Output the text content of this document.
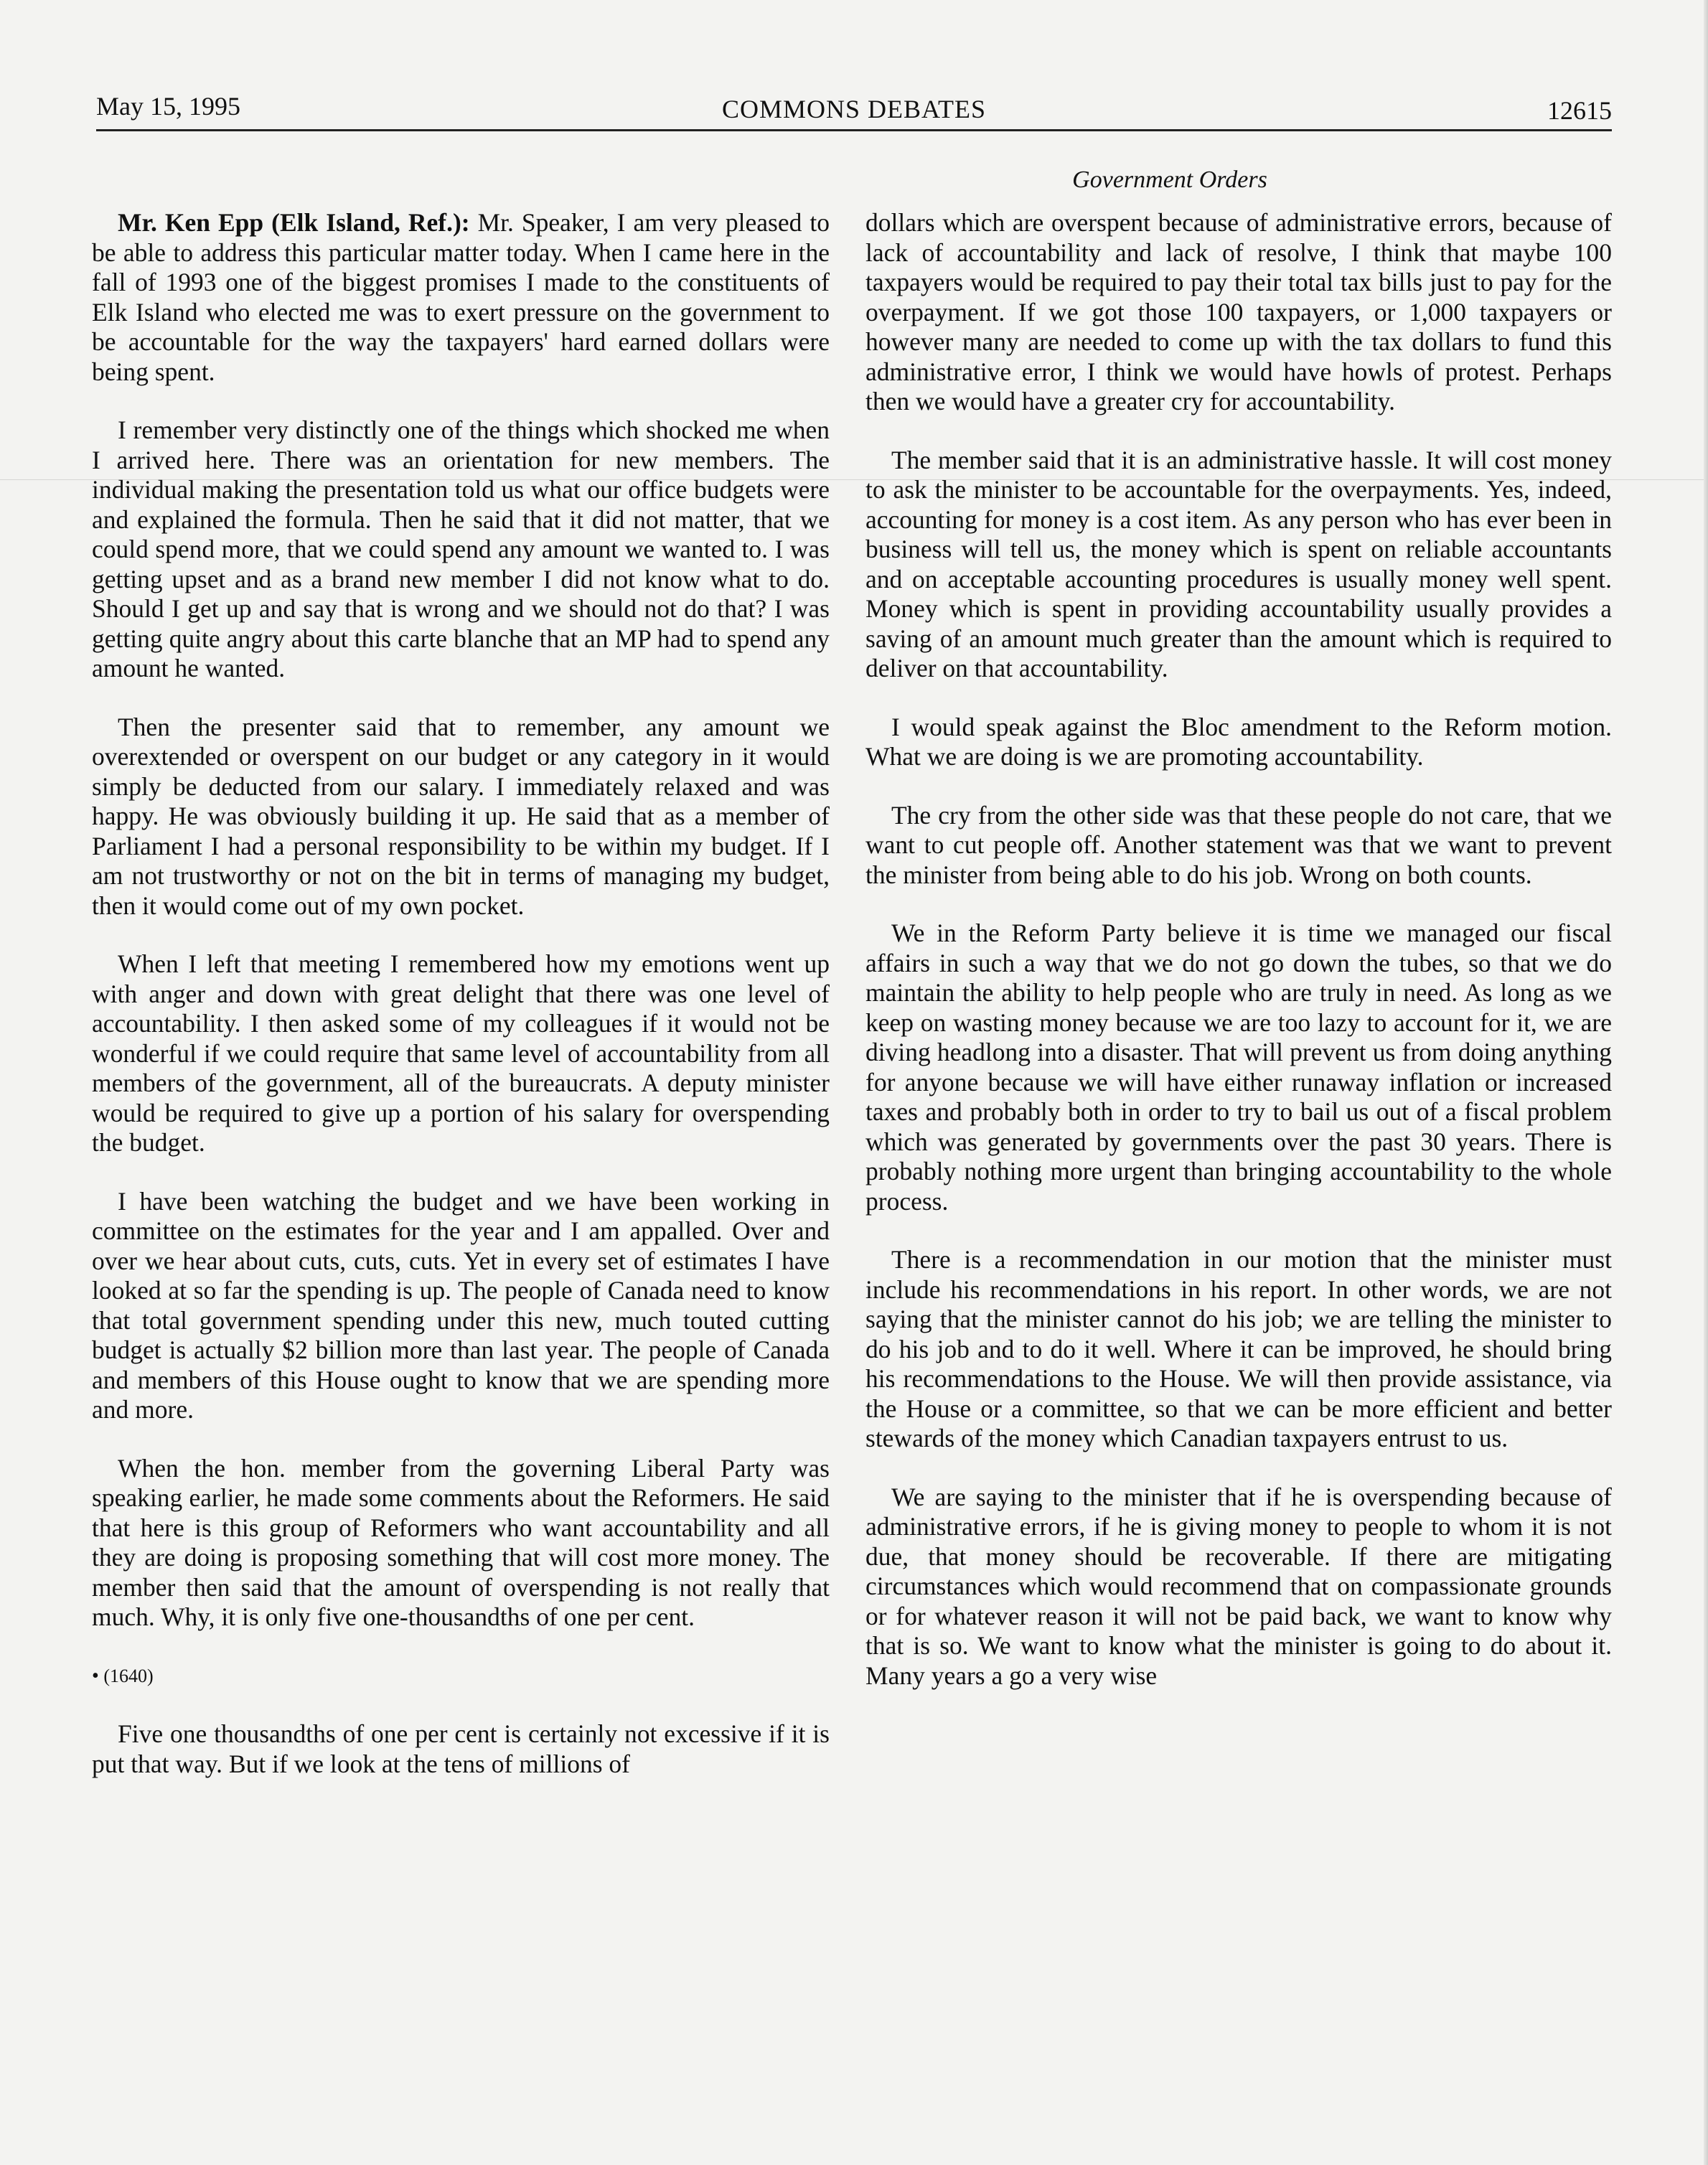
May 15, 1995	COMMONS DEBATES	12615
Government Orders

Mr. Ken Epp (Elk Island, Ref.): Mr. Speaker, I am very pleased to be able to address this particular matter today. When I came here in the fall of 1993 one of the biggest promises I made to the constituents of Elk Island who elected me was to exert pressure on the government to be accountable for the way the taxpayers' hard earned dollars were being spent.

I remember very distinctly one of the things which shocked me when I arrived here. There was an orientation for new members. The individual making the presentation told us what our office budgets were and explained the formula. Then he said that it did not matter, that we could spend more, that we could spend any amount we wanted to. I was getting upset and as a brand new member I did not know what to do. Should I get up and say that is wrong and we should not do that? I was getting quite angry about this carte blanche that an MP had to spend any amount he wanted.

Then the presenter said that to remember, any amount we overextended or overspent on our budget or any category in it would simply be deducted from our salary. I immediately relaxed and was happy. He was obviously building it up. He said that as a member of Parliament I had a personal responsibility to be within my budget. If I am not trustworthy or not on the bit in terms of managing my budget, then it would come out of my own pocket.

When I left that meeting I remembered how my emotions went up with anger and down with great delight that there was one level of accountability. I then asked some of my colleagues if it would not be wonderful if we could require that same level of accountability from all members of the government, all of the bureaucrats. A deputy minister would be required to give up a portion of his salary for overspending the budget.

I have been watching the budget and we have been working in committee on the estimates for the year and I am appalled. Over and over we hear about cuts, cuts, cuts. Yet in every set of estimates I have looked at so far the spending is up. The people of Canada need to know that total government spending under this new, much touted cutting budget is actually $2 billion more than last year. The people of Canada and members of this House ought to know that we are spending more and more.

When the hon. member from the governing Liberal Party was speaking earlier, he made some comments about the Reformers. He said that here is this group of Reformers who want accountability and all they are doing is proposing something that will cost more money. The member then said that the amount of overspending is not really that much. Why, it is only five one-thousandths of one per cent.

• (1640)

Five one thousandths of one per cent is certainly not excessive if it is put that way. But if we look at the tens of millions of

dollars which are overspent because of administrative errors, because of lack of accountability and lack of resolve, I think that maybe 100 taxpayers would be required to pay their total tax bills just to pay for the overpayment. If we got those 100 taxpayers, or 1,000 taxpayers or however many are needed to come up with the tax dollars to fund this administrative error, I think we would have howls of protest. Perhaps then we would have a greater cry for accountability.

The member said that it is an administrative hassle. It will cost money to ask the minister to be accountable for the overpayments. Yes, indeed, accounting for money is a cost item. As any person who has ever been in business will tell us, the money which is spent on reliable accountants and on acceptable accounting procedures is usually money well spent. Money which is spent in providing accountability usually provides a saving of an amount much greater than the amount which is required to deliver on that accountability.

I would speak against the Bloc amendment to the Reform motion. What we are doing is we are promoting accountability.

The cry from the other side was that these people do not care, that we want to cut people off. Another statement was that we want to prevent the minister from being able to do his job. Wrong on both counts.

We in the Reform Party believe it is time we managed our fiscal affairs in such a way that we do not go down the tubes, so that we do maintain the ability to help people who are truly in need. As long as we keep on wasting money because we are too lazy to account for it, we are diving headlong into a disaster. That will prevent us from doing anything for anyone because we will have either runaway inflation or increased taxes and probably both in order to try to bail us out of a fiscal problem which was generated by governments over the past 30 years. There is probably nothing more urgent than bringing accountability to the whole process.

There is a recommendation in our motion that the minister must include his recommendations in his report. In other words, we are not saying that the minister cannot do his job; we are telling the minister to do his job and to do it well. Where it can be improved, he should bring his recommendations to the House. We will then provide assistance, via the House or a committee, so that we can be more efficient and better stewards of the money which Canadian taxpayers entrust to us.

We are saying to the minister that if he is overspending because of administrative errors, if he is giving money to people to whom it is not due, that money should be recoverable. If there are mitigating circumstances which would recommend that on compassionate grounds or for whatever reason it will not be paid back, we want to know why that is so. We want to know what the minister is going to do about it. Many years a go a very wise
